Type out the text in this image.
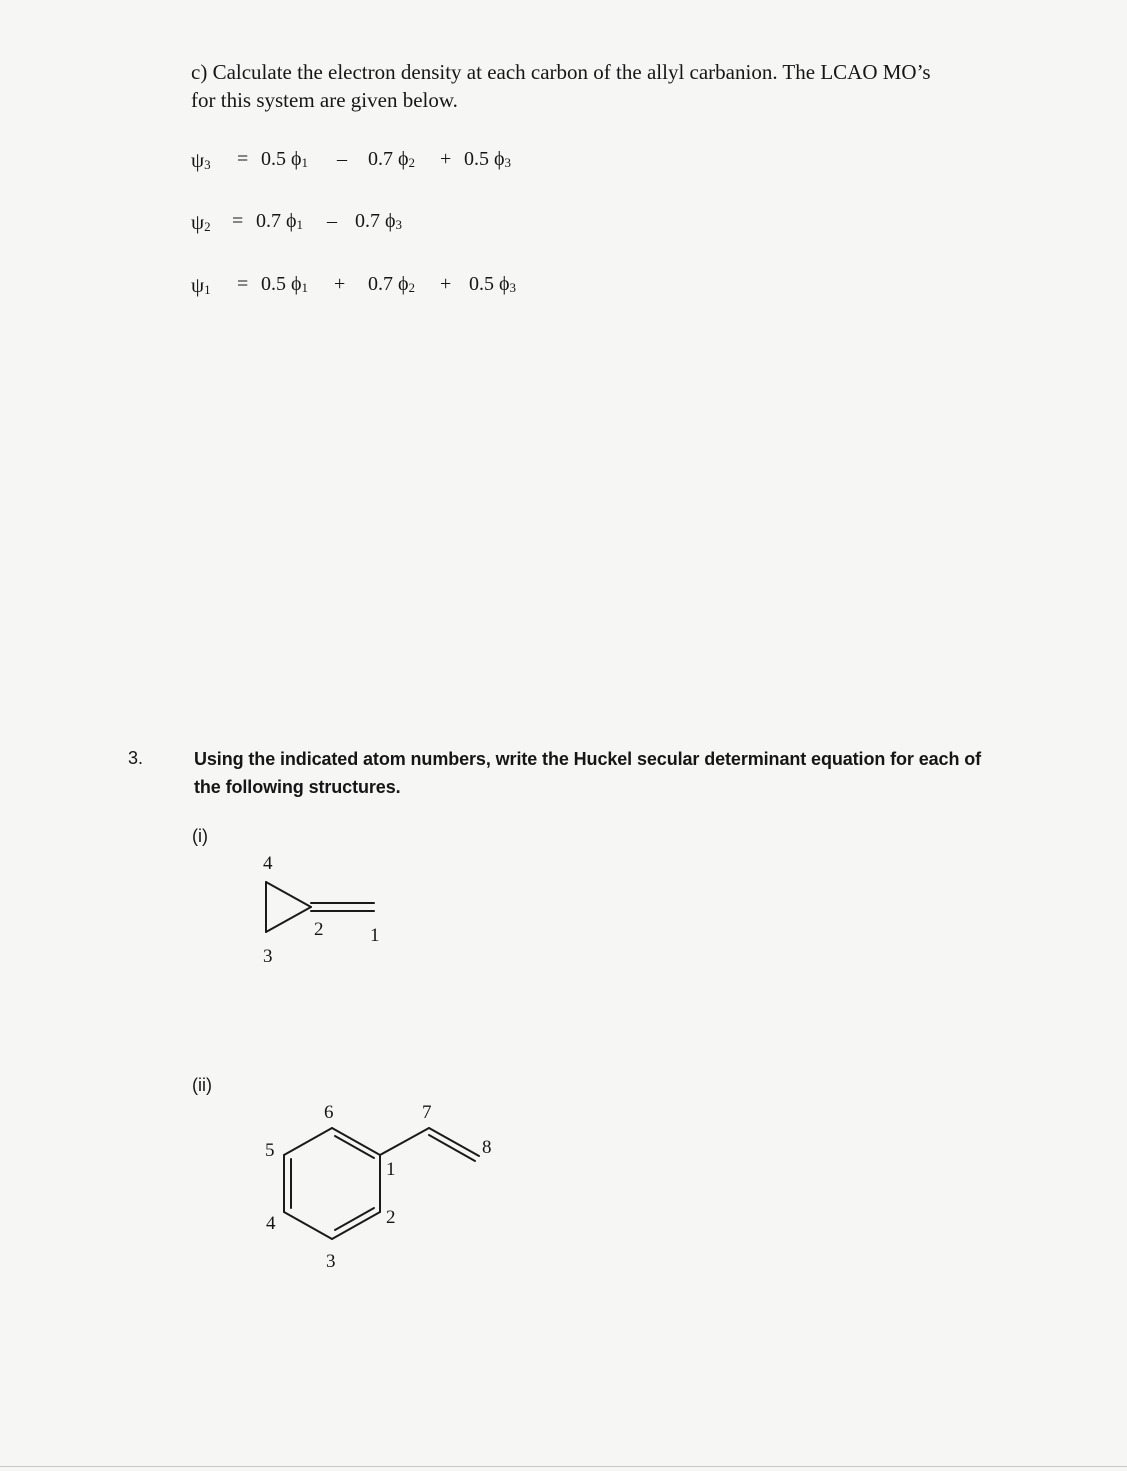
c) Calculate the electron density at each carbon of the allyl carbanion. The LCAO MO’s
for this system are given below.
ψ3 = 0.5 ϕ1 – 0.7 ϕ2 + 0.5 ϕ3
ψ2 = 0.7 ϕ1 – 0.7 ϕ3
ψ1 = 0.5 ϕ1 + 0.7 ϕ2 + 0.5 ϕ3
3.	Using the indicated atom numbers, write the Huckel secular determinant equation for each of
the following structures.
(i)
4
3
2 1
(ii)
6	7
5	8
1
4	2
3
